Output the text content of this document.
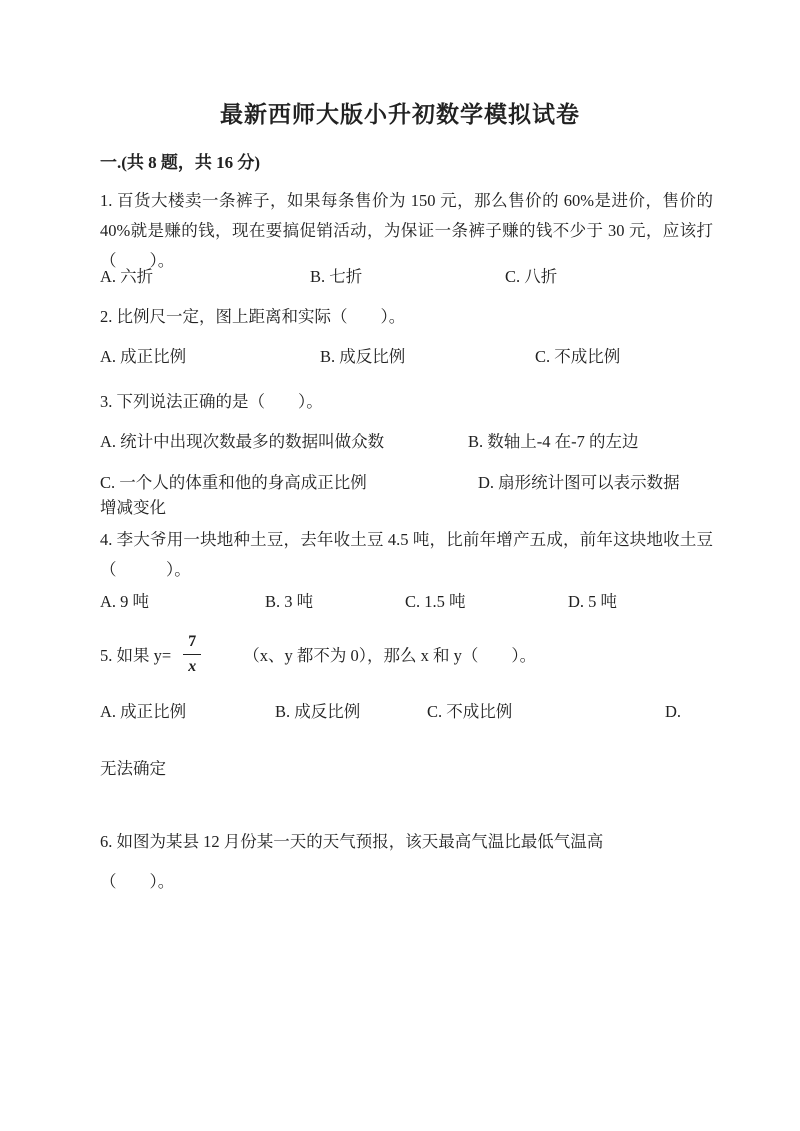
最新西师大版小升初数学模拟试卷
一.(共 8 题，共 16 分)
1. 百货大楼卖一条裤子，如果每条售价为 150 元，那么售价的 60%是进价，售价的 40%就是赚的钱，现在要搞促销活动，为保证一条裤子赚的钱不少于 30 元，应该打（　　）。
A. 六折	B. 七折	C. 八折
2. 比例尺一定，图上距离和实际（　　）。
A. 成正比例	B. 成反比例	C. 不成比例
3. 下列说法正确的是（　　）。
A. 统计中出现次数最多的数据叫做众数	B. 数轴上-4 在-7 的左边
C. 一个人的体重和他的身高成正比例	D. 扇形统计图可以表示数据
增减变化
4. 李大爷用一块地种土豆，去年收土豆 4.5 吨，比前年增产五成，前年这块地收土豆（　　　）。
A. 9 吨	B. 3 吨	C. 1.5 吨	D. 5 吨
5. 如果 $y= \frac{7}{x}$	（x、y 都不为 0），那么 x 和 y（　　）。
A. 成正比例	B. 成反比例	C. 不成比例	D.
无法确定
6. 如图为某县 12 月份某一天的天气预报，该天最高气温比最低气温高
（　　）。
